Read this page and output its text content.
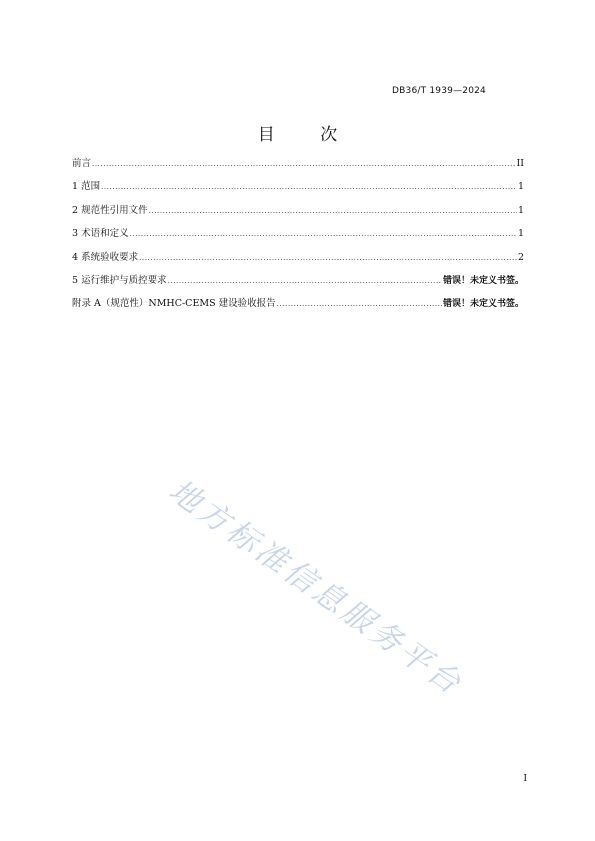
DB36/T 1939—2024
目 次
前言 .....	II
1 范围 .....	1
2 规范性引用文件 .....	1
3 术语和定义 .....	1
4 系统验收要求 .....	2
5 运行维护与质控要求 .....	错误！未定义书签。
附录 A（规范性）NMHC-CEMS 建设验收报告 .....	错误！未定义书签。
地方标准信息服务平台
I
